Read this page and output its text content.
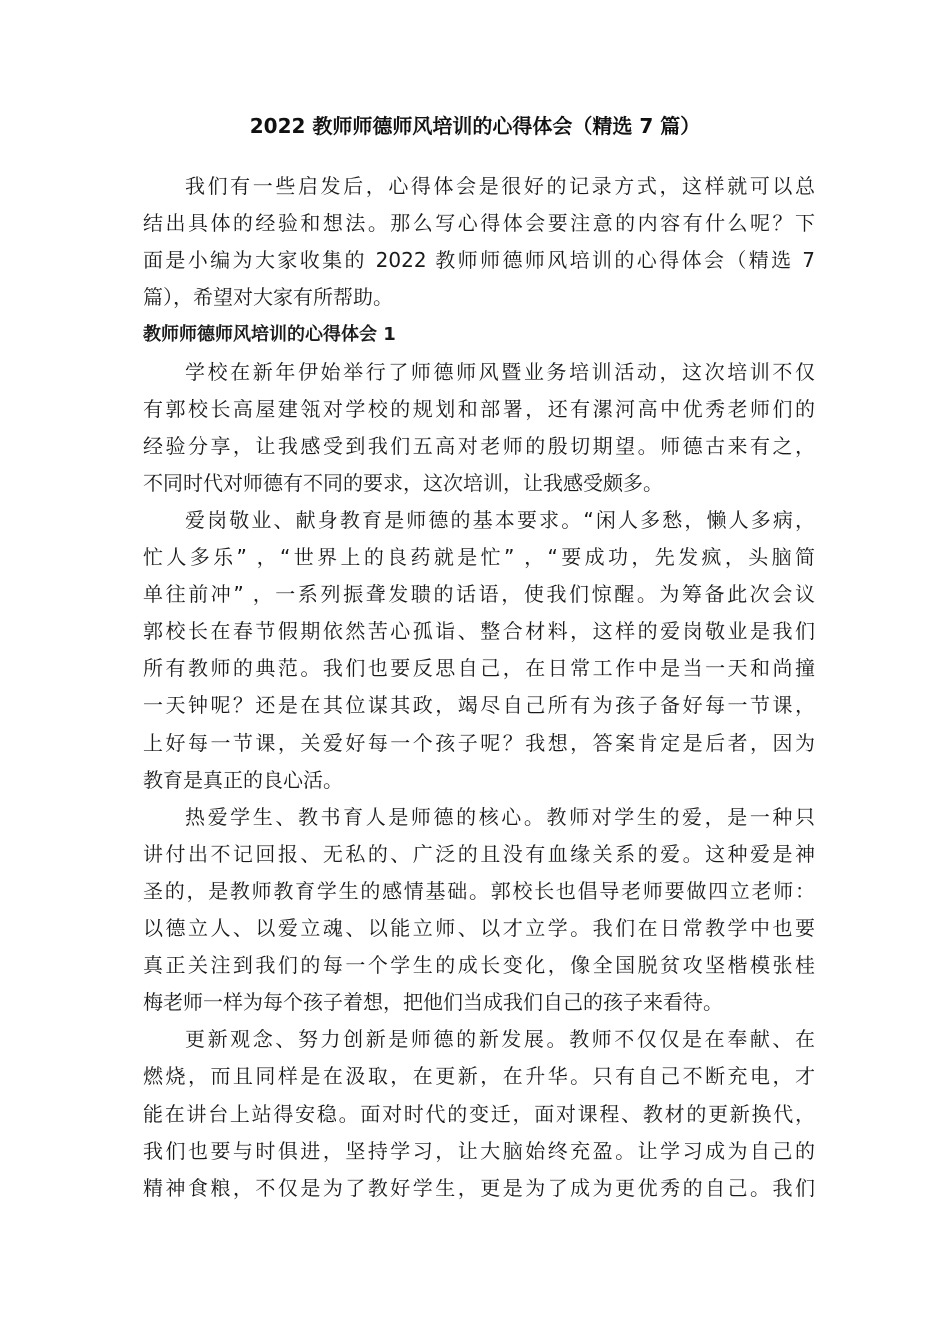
2022 教师师德师风培训的心得体会（精选 7 篇）
我们有一些启发后，心得体会是很好的记录方式，这样就可以总
结出具体的经验和想法。那么写心得体会要注意的内容有什么呢？下
面是小编为大家收集的 2022 教师师德师风培训的心得体会（精选 7
篇），希望对大家有所帮助。
教师师德师风培训的心得体会 1
学校在新年伊始举行了师德师风暨业务培训活动，这次培训不仅
有郭校长高屋建瓴对学校的规划和部署，还有漯河高中优秀老师们的
经验分享，让我感受到我们五高对老师的殷切期望。师德古来有之，
不同时代对师德有不同的要求，这次培训，让我感受颇多。
爱岗敬业、献身教育是师德的基本要求。“闲人多愁，懒人多病，
忙人多乐” ，“世界上的良药就是忙” ，“要成功，先发疯，头脑简
单往前冲” ，一系列振聋发聩的话语，使我们惊醒。为筹备此次会议
郭校长在春节假期依然苦心孤诣、整合材料，这样的爱岗敬业是我们
所有教师的典范。我们也要反思自己，在日常工作中是当一天和尚撞
一天钟呢？还是在其位谋其政，竭尽自己所有为孩子备好每一节课，
上好每一节课，关爱好每一个孩子呢？我想，答案肯定是后者，因为
教育是真正的良心活。
热爱学生、教书育人是师德的核心。教师对学生的爱，是一种只
讲付出不记回报、无私的、广泛的且没有血缘关系的爱。这种爱是神
圣的，是教师教育学生的感情基础。郭校长也倡导老师要做四立老师：
以德立人、以爱立魂、以能立师、以才立学。我们在日常教学中也要
真正关注到我们的每一个学生的成长变化，像全国脱贫攻坚楷模张桂
梅老师一样为每个孩子着想，把他们当成我们自己的孩子来看待。
更新观念、努力创新是师德的新发展。教师不仅仅是在奉献、在
燃烧，而且同样是在汲取，在更新，在升华。只有自己不断充电，才
能在讲台上站得安稳。面对时代的变迁，面对课程、教材的更新换代，
我们也要与时俱进，坚持学习，让大脑始终充盈。让学习成为自己的
精神食粮，不仅是为了教好学生，更是为了成为更优秀的自己。我们
